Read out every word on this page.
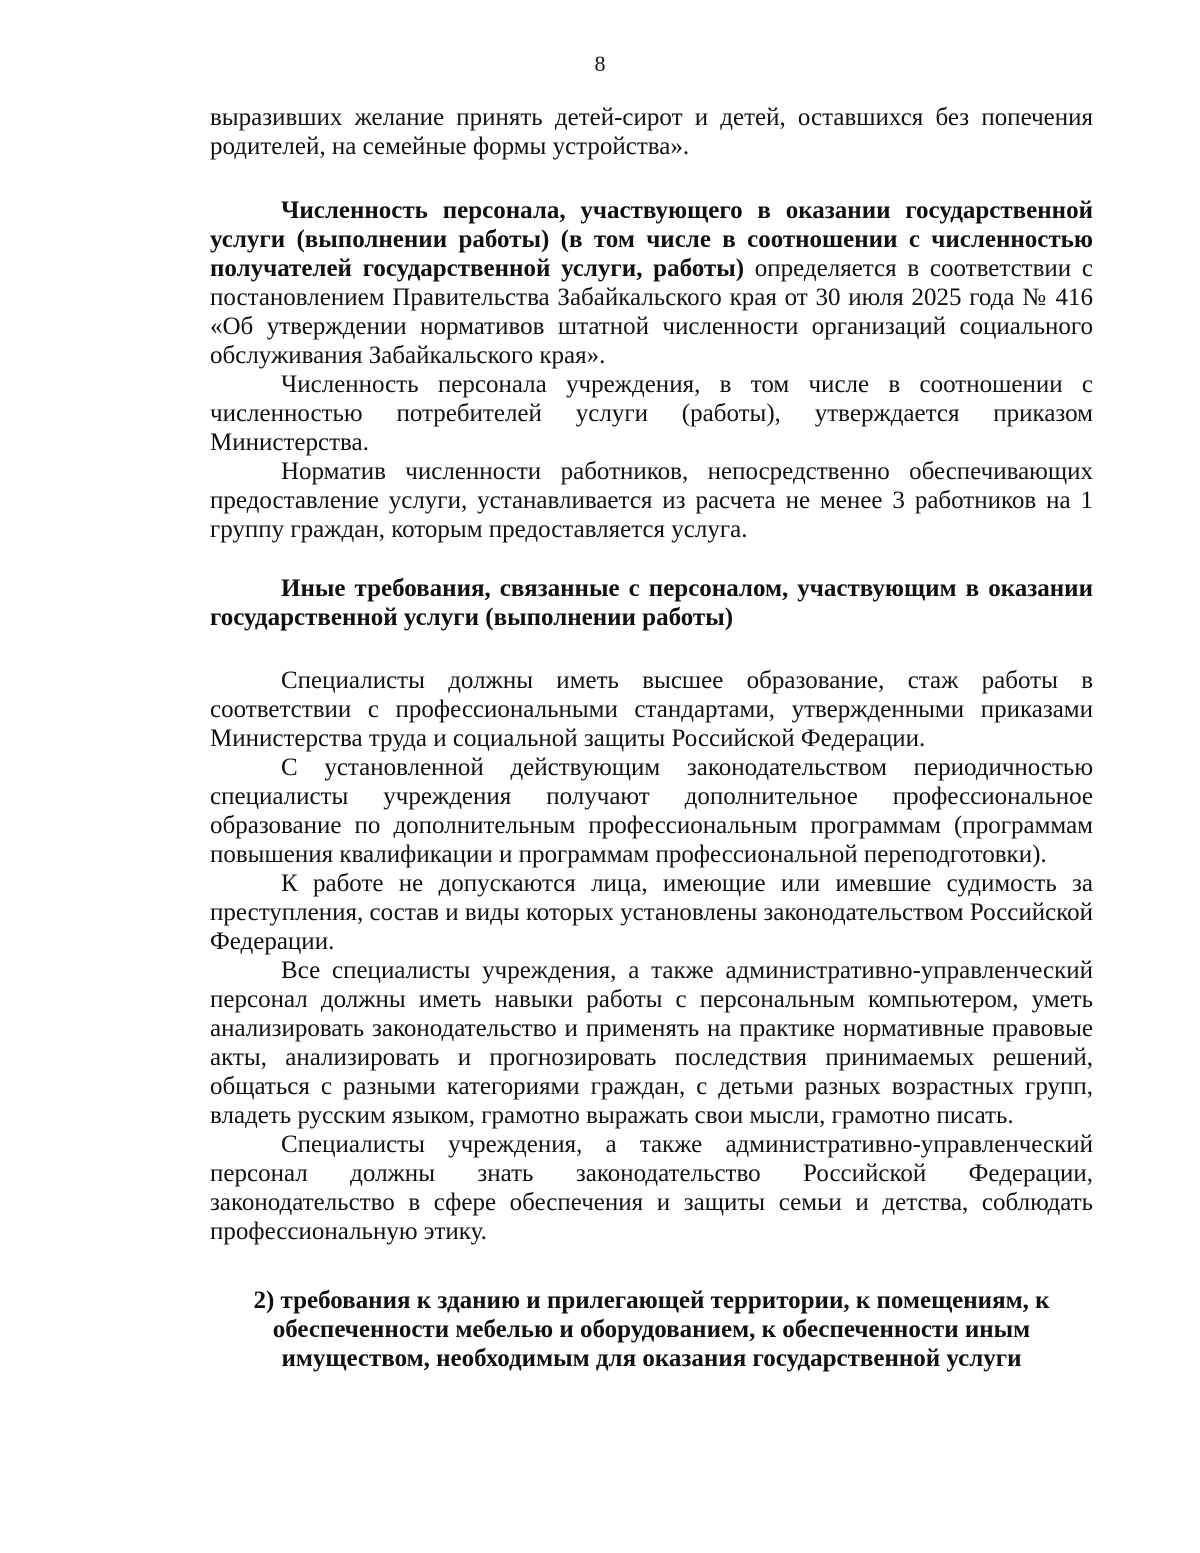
8

выразивших желание принять детей-сирот и детей, оставшихся без попечения родителей, на семейные формы устройства».

Численность персонала, участвующего в оказании государственной услуги (выполнении работы) (в том числе в соотношении с численностью получателей государственной услуги, работы) определяется в соответствии с постановлением Правительства Забайкальского края от 30 июля 2025 года № 416 «Об утверждении нормативов штатной численности организаций социального обслуживания Забайкальского края».

Численность персонала учреждения, в том числе в соотношении с численностью потребителей услуги (работы), утверждается приказом Министерства.

Норматив численности работников, непосредственно обеспечивающих предоставление услуги, устанавливается из расчета не менее 3 работников на 1 группу граждан, которым предоставляется услуга.

Иные требования, связанные с персоналом, участвующим в оказании государственной услуги (выполнении работы)

Специалисты должны иметь высшее образование, стаж работы в соответствии с профессиональными стандартами, утвержденными приказами Министерства труда и социальной защиты Российской Федерации.

С установленной действующим законодательством периодичностью специалисты учреждения получают дополнительное профессиональное образование по дополнительным профессиональным программам (программам повышения квалификации и программам профессиональной переподготовки).

К работе не допускаются лица, имеющие или имевшие судимость за преступления, состав и виды которых установлены законодательством Российской Федерации.

Все специалисты учреждения, а также административно-управленческий персонал должны иметь навыки работы с персональным компьютером, уметь анализировать законодательство и применять на практике нормативные правовые акты, анализировать и прогнозировать последствия принимаемых решений, общаться с разными категориями граждан, с детьми разных возрастных групп, владеть русским языком, грамотно выражать свои мысли, грамотно писать.

Специалисты учреждения, а также административно-управленческий персонал должны знать законодательство Российской Федерации, законодательство в сфере обеспечения и защиты семьи и детства, соблюдать профессиональную этику.

2) требования к зданию и прилегающей территории, к помещениям, к обеспеченности мебелью и оборудованием, к обеспеченности иным имуществом, необходимым для оказания государственной услуги
